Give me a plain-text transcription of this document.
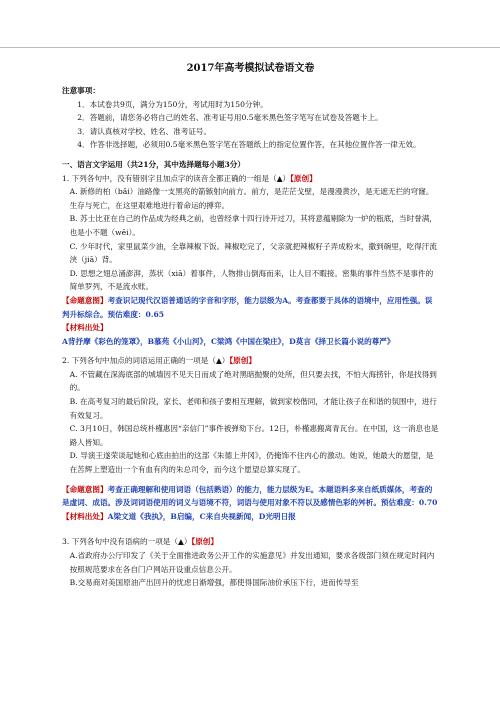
2017年高考模拟试卷语文卷

注意事项：

1．本试卷共9页，满分为150分，考试用时为150分钟。

2．答题前，请您务必将自己的姓名、准考证号用0.5毫米黑色签字笔写在试卷及答题卡上。

3．请认真核对学校、姓名、准考证号。

4．作答非选择题，必须用0.5毫米黑色签字笔在答题纸上的指定位置作答，在其他位置作答一律无效。

一、语言文字运用（共21分，其中选择题每小题3分）

1. 下列各句中，没有错别字且加点字的读音全都正确的一组是（▲）【原创】

A. 新修的柏（bǎi）油路像一支黑亮的箭镞射向前方。前方，是茫茫戈壁，是漫漫黄沙，是无遮无拦的穹窿。生存与死亡，在这里艰难地进行着命运的搏弈。

B. 苏士比亚在自己的作品成为经典之前，也曾经拿十四行诗开过刀，其将意蕴剔除为一炉的瓶底，当时誉满，也是小不题（wěi）。

C. 少年时代，家里鼠菜少油，全靠辣椒下饭。辣椒吃完了，父亲就把辣椒籽子弄成粉末，撒到碗里，吃得汗流浃（jiā）背。

D. 思想之翅总涌澎湃，蒸状（xiā）着事件，人物排山倒海而来，让人目不暇接。密集的事件当然不是事件的简单罗列，不是流水账。

【命题意图】考查识记现代汉语普通话的字音和字形，能力层级为A。考查都要于具体的语境中，应用性强。误判升标综合。预估难度：0.65

【材料出处】A背抒摩《彩色的笼罩》，B慕苑《小山河》，C梁鸿《中国在梁庄》，D莫言《择卫长篇小说的尊严》

2. 下列各句中加点的词语运用正确的一项是（▲）【原创】

A. 不管藏在深海底部的城墙因不见天日而成了绝对黑暗抛聚的处所，但只要去找，不怕大海捞针，你是找得到的。

B. 在高考复习的最后阶段，家长、老师和孩子要相互理解，做到家校偕同，才能让孩子在和谐的氛围中，进行有效复习。

C. 3月10日，韩国总统朴槿惠因“亲信门”事件被弹劾下台。12日，朴槿惠搬离青瓦台。在中国，这一消息也是路人皆知。

D. 导演王遂荣谈起她和心底由拍出的这部《朱德上井冈》，仍掩饰不住内心的激动。她说，她最大的愿望，是在苦辉上塑造出一个有血有肉的朱总司令，而今这个愿望总算实现了。

【命题意图】考查正确理解和使用词语（包括熟语）的能力，能力层级为E。本题语料多来自纸质媒体，考查的是虚词、成语。涉及词词语使用的词义与语境不符，词语与使用对象不符以及感情色彩的舛析。预估难度：0.70

【材料出处】A梁文道《我执》，B启编，C来自央视新闻，D光明日报

3. 下列各句中没有语病的一项是（▲）【原创】

A.省政府办公厅印发了《关于全面推进政务公开工作的实施意见》并发出通知，要求各级部门须在规定时间内按照规范要求在各自门户网站开设重点信息公开。

B.交易商对美国原油产出回升的忧虑日渐增强，都使得国际油价承压下行，进而传导至
